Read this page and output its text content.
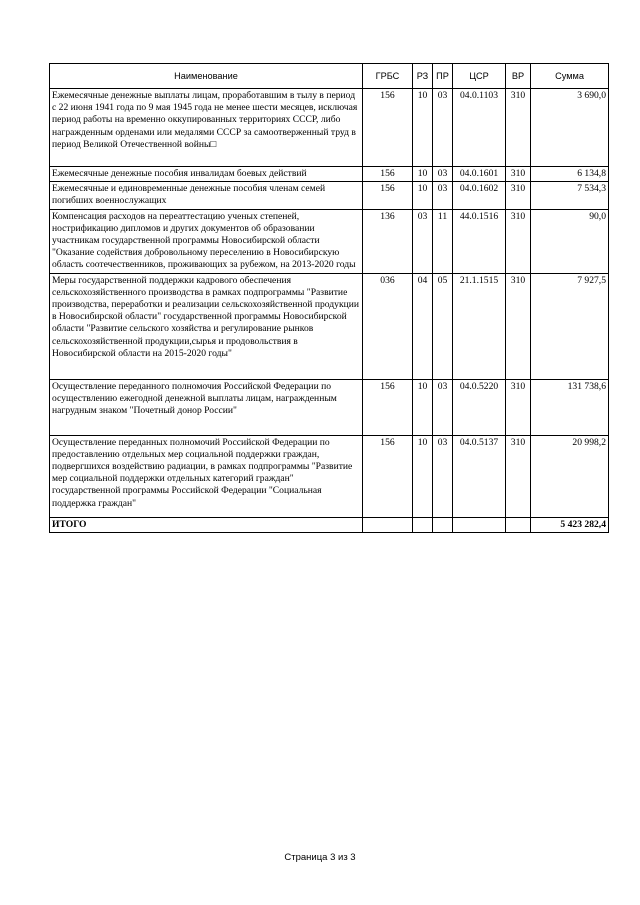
Наименование	ГРБС	РЗ	ПР	ЦСР	ВР	Сумма
Ежемесячные денежные выплаты лицам, проработавшим в тылу в период с 22 июня 1941 года по 9 мая 1945 года не менее шести месяцев, исключая период работы на временно оккупированных территориях СССР, либо награжденным орденами или медалями СССР за самоотверженный труд в период Великой Отечественной войны□	156	10	03	04.0.1103	310	3 690,0
Ежемесячные денежные пособия инвалидам боевых действий	156	10	03	04.0.1601	310	6 134,8
Ежемесячные и единовременные денежные пособия членам семей погибших военнослужащих	156	10	03	04.0.1602	310	7 534,3
Компенсация расходов на переаттестацию ученых степеней, нострификацию дипломов и других документов об образовании участникам государственной программы Новосибирской области "Оказание содействия добровольному переселению в Новосибирскую область соотечественников, проживающих за рубежом, на 2013-2020 годы	136	03	11	44.0.1516	310	90,0
Меры государственной поддержки кадрового обеспечения сельскохозяйственного производства в рамках подпрограммы "Развитие производства, переработки и реализации сельскохозяйственной продукции в Новосибирской области" государственной программы Новосибирской области "Развитие сельского хозяйства и регулирование рынков сельскохозяйственной продукции,сырья и продовольствия в Новосибирской области на 2015-2020 годы"	036	04	05	21.1.1515	310	7 927,5
Осуществление переданного полномочия Российской Федерации по осуществлению ежегодной денежной выплаты лицам, награжденным нагрудным знаком "Почетный донор России"	156	10	03	04.0.5220	310	131 738,6
Осуществление переданных полномочий Российской Федерации по предоставлению отдельных мер социальной поддержки граждан, подвергшихся воздействию радиации, в рамках подпрограммы "Развитие мер социальной поддержки отдельных категорий граждан" государственной программы Российской Федерации "Социальная поддержка граждан"	156	10	03	04.0.5137	310	20 998,2
ИТОГО						5 423 282,4
Страница 3 из 3
